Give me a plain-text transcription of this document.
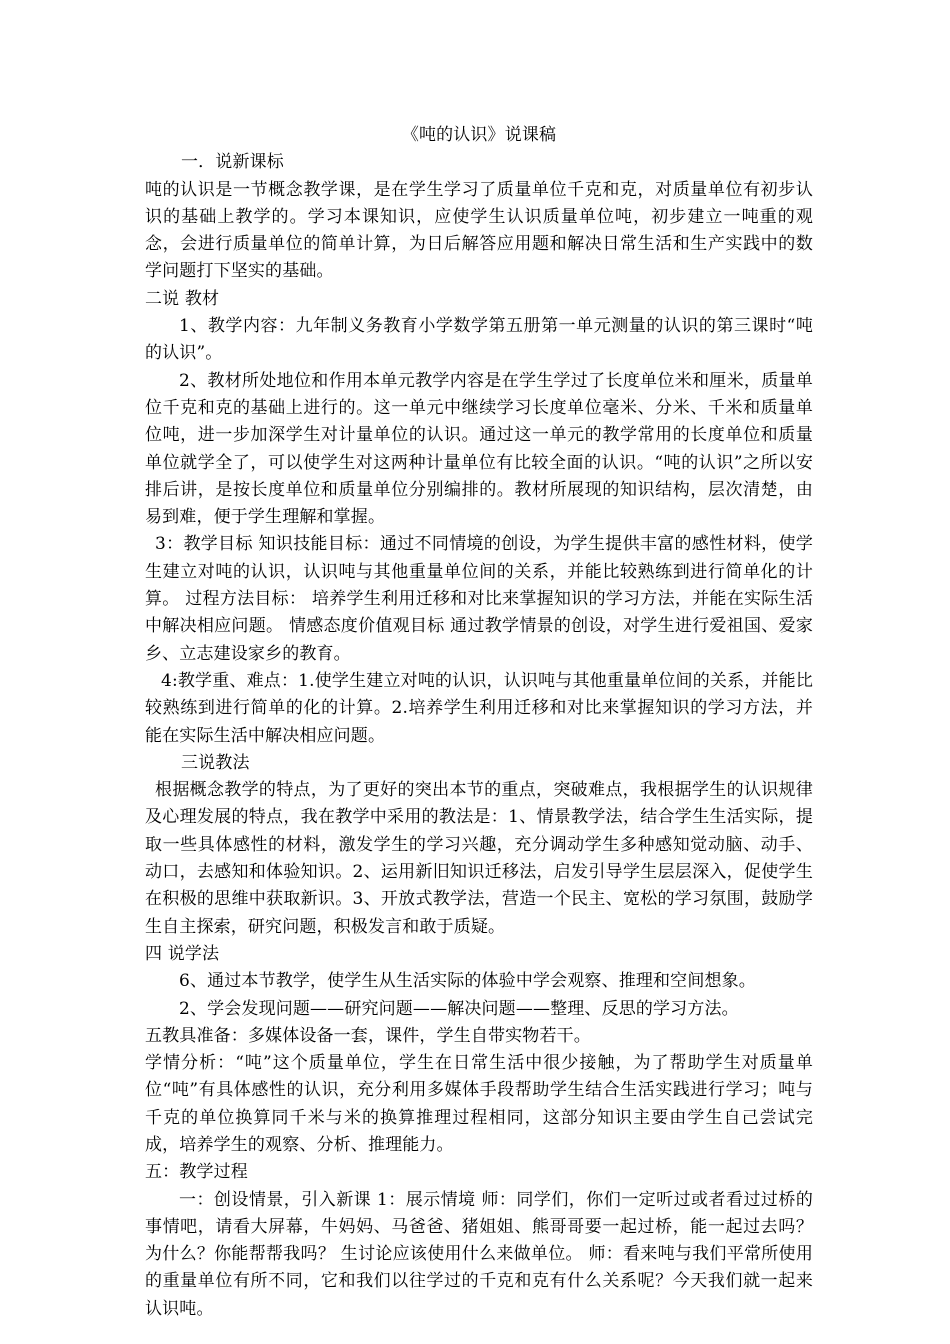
《吨的认识》说课稿

一．说新课标

吨的认识是一节概念教学课，是在学生学习了质量单位千克和克，对质量单位有初步认识的基础上教学的。学习本课知识，应使学生认识质量单位吨，初步建立一吨重的观念，会进行质量单位的简单计算，为日后解答应用题和解决日常生活和生产实践中的数学问题打下坚实的基础。

二说 教材

1、教学内容：九年制义务教育小学数学第五册第一单元测量的认识的第三课时“吨的认识”。

2、教材所处地位和作用本单元教学内容是在学生学过了长度单位米和厘米，质量单位千克和克的基础上进行的。这一单元中继续学习长度单位毫米、分米、千米和质量单位吨，进一步加深学生对计量单位的认识。通过这一单元的教学常用的长度单位和质量单位就学全了，可以使学生对这两种计量单位有比较全面的认识。“吨的认识”之所以安排后讲，是按长度单位和质量单位分别编排的。教材所展现的知识结构，层次清楚，由易到难，便于学生理解和掌握。

3：教学目标 知识技能目标：通过不同情境的创设，为学生提供丰富的感性材料，使学生建立对吨的认识，认识吨与其他重量单位间的关系，并能比较熟练到进行简单化的计算。 过程方法目标： 培养学生利用迁移和对比来掌握知识的学习方法，并能在实际生活中解决相应问题。 情感态度价值观目标 通过教学情景的创设，对学生进行爱祖国、爱家乡、立志建设家乡的教育。

4:教学重、难点：1.使学生建立对吨的认识，认识吨与其他重量单位间的关系，并能比较熟练到进行简单的化的计算。2.培养学生利用迁移和对比来掌握知识的学习方法，并能在实际生活中解决相应问题。

三说教法

根据概念教学的特点，为了更好的突出本节的重点，突破难点，我根据学生的认识规律及心理发展的特点，我在教学中采用的教法是：1、情景教学法，结合学生生活实际，提取一些具体感性的材料，激发学生的学习兴趣，充分调动学生多种感知觉动脑、动手、动口，去感知和体验知识。2、运用新旧知识迁移法，启发引导学生层层深入，促使学生在积极的思维中获取新识。3、开放式教学法，营造一个民主、宽松的学习氛围，鼓励学生自主探索，研究问题，积极发言和敢于质疑。

四 说学法

6、通过本节教学，使学生从生活实际的体验中学会观察、推理和空间想象。

2、学会发现问题——研究问题——解决问题——整理、反思的学习方法。

五教具准备：多媒体设备一套，课件，学生自带实物若干。

学情分析：“吨”这个质量单位，学生在日常生活中很少接触，为了帮助学生对质量单位“吨”有具体感性的认识，充分利用多媒体手段帮助学生结合生活实践进行学习；吨与千克的单位换算同千米与米的换算推理过程相同，这部分知识主要由学生自己尝试完成，培养学生的观察、分析、推理能力。

五：教学过程

一：创设情景，引入新课 1：展示情境 师：同学们，你们一定听过或者看过过桥的事情吧，请看大屏幕，牛妈妈、马爸爸、猪姐姐、熊哥哥要一起过桥，能一起过去吗？为什么？你能帮帮我吗？ 生讨论应该使用什么来做单位。 师：看来吨与我们平常所使用的重量单位有所不同，它和我们以往学过的千克和克有什么关系呢？今天我们就一起来认识吨。
